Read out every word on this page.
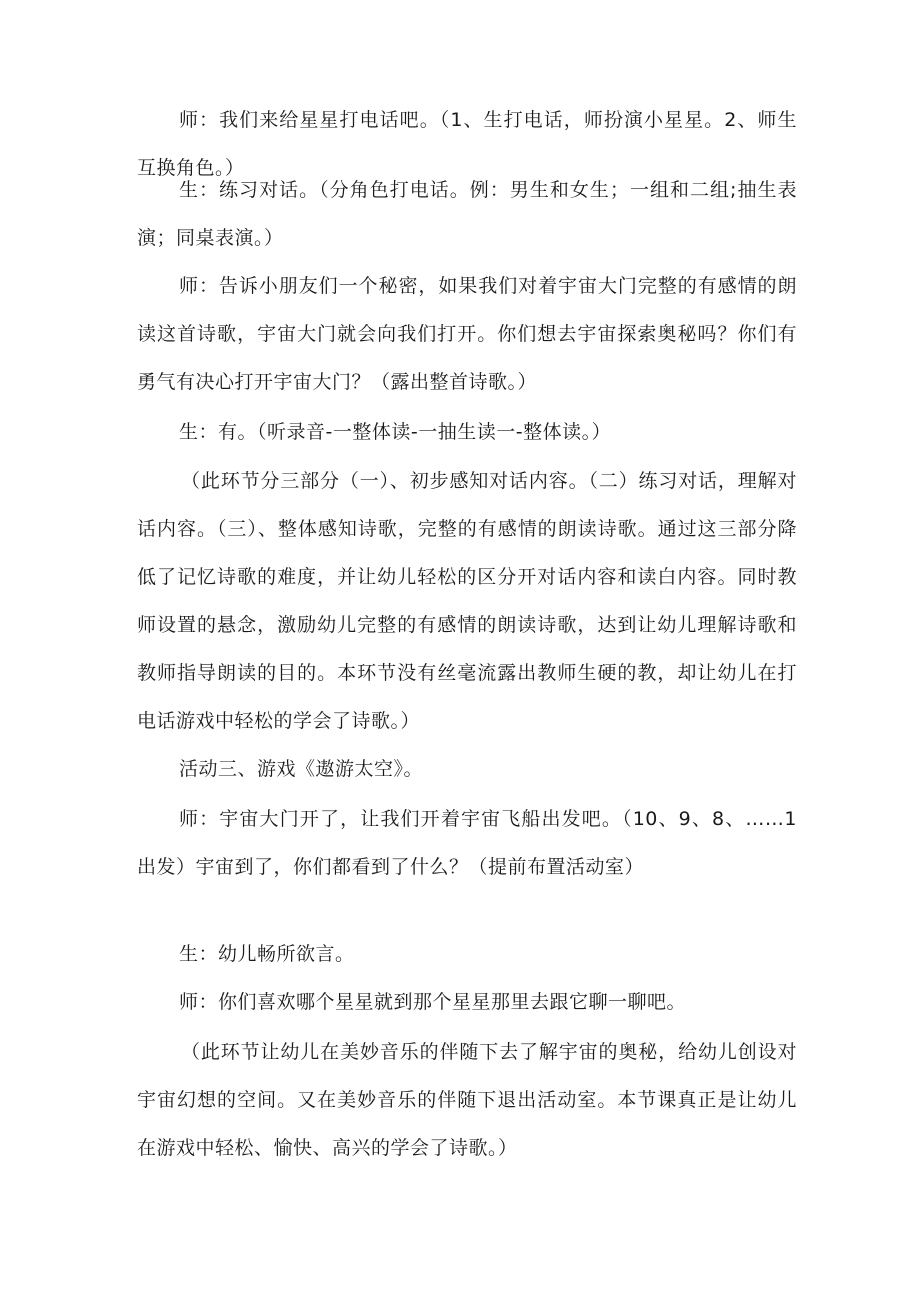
师：我们来给星星打电话吧。（1、生打电话，师扮演小星星。2、师生互换角色。）

生：练习对话。（分角色打电话。例：男生和女生；一组和二组;抽生表演；同桌表演。）

师：告诉小朋友们一个秘密，如果我们对着宇宙大门完整的有感情的朗读这首诗歌，宇宙大门就会向我们打开。你们想去宇宙探索奥秘吗？你们有勇气有决心打开宇宙大门？（露出整首诗歌。）

生：有。（听录音-一整体读-一抽生读一-整体读。）

（此环节分三部分（一）、初步感知对话内容。（二）练习对话，理解对话内容。（三）、整体感知诗歌，完整的有感情的朗读诗歌。通过这三部分降低了记忆诗歌的难度，并让幼儿轻松的区分开对话内容和读白内容。同时教师设置的悬念，激励幼儿完整的有感情的朗读诗歌，达到让幼儿理解诗歌和教师指导朗读的目的。本环节没有丝毫流露出教师生硬的教，却让幼儿在打电话游戏中轻松的学会了诗歌。）

活动三、游戏《遨游太空》。

师：宇宙大门开了，让我们开着宇宙飞船出发吧。（10、9、8、……1出发）宇宙到了，你们都看到了什么？（提前布置活动室）

生：幼儿畅所欲言。

师：你们喜欢哪个星星就到那个星星那里去跟它聊一聊吧。

（此环节让幼儿在美妙音乐的伴随下去了解宇宙的奥秘，给幼儿创设对宇宙幻想的空间。又在美妙音乐的伴随下退出活动室。本节课真正是让幼儿在游戏中轻松、愉快、高兴的学会了诗歌。）
